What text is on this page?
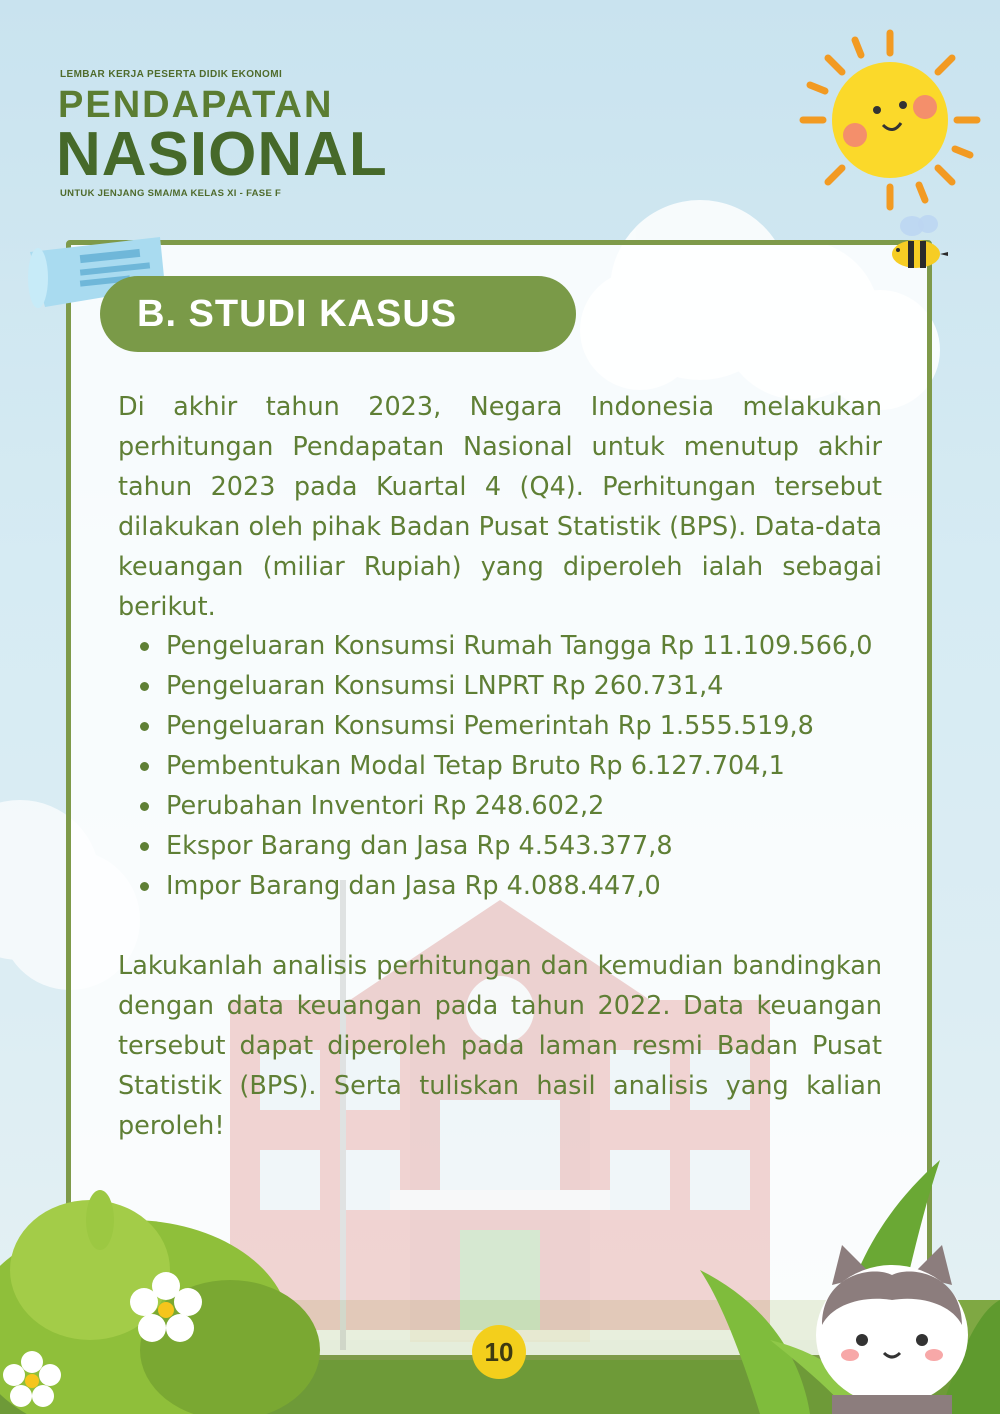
LEMBAR KERJA PESERTA DIDIK EKONOMI
PENDAPATAN
NASIONAL
UNTUK JENJANG SMA/MA KELAS XI - FASE F
B. STUDI KASUS
Di akhir tahun 2023, Negara Indonesia melakukan perhitungan Pendapatan Nasional untuk menutup akhir tahun 2023 pada Kuartal 4 (Q4). Perhitungan tersebut dilakukan oleh pihak Badan Pusat Statistik (BPS). Data-data keuangan (miliar Rupiah) yang diperoleh ialah sebagai berikut.
Pengeluaran Konsumsi Rumah Tangga Rp 11.109.566,0
Pengeluaran Konsumsi LNPRT Rp 260.731,4
Pengeluaran Konsumsi Pemerintah Rp 1.555.519,8
Pembentukan Modal Tetap Bruto Rp 6.127.704,1
Perubahan Inventori Rp 248.602,2
Ekspor Barang dan Jasa Rp 4.543.377,8
Impor Barang dan Jasa Rp 4.088.447,0
Lakukanlah analisis perhitungan dan kemudian bandingkan dengan data keuangan pada tahun 2022. Data keuangan tersebut dapat diperoleh pada laman resmi Badan Pusat Statistik (BPS). Serta tuliskan hasil analisis yang kalian peroleh!
10
